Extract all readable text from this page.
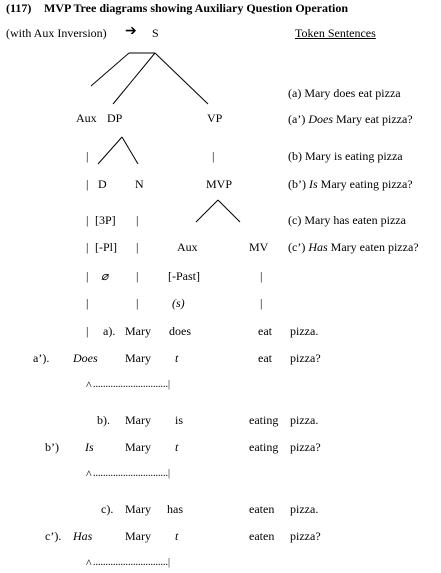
(117) MVP Tree diagrams showing Auxiliary Question Operation
(with Aux Inversion) ➔ S	Token Sentences
Aux DP	VP
|	|
| D N	MVP
| [3P] |
| [-Pl] |	Aux	MV
| ⌀ | [-Past]	|
|	|	(s)	|
(a) Mary does eat pizza
(a’) Does Mary eat pizza?
(b) Mary is eating pizza
(b’) Is Mary eating pizza?
(c) Mary has eaten pizza
(c’) Has Mary eaten pizza?
| a). Mary does	eat pizza.
a’). Does Mary t	eat pizza?
^ ..............................|
b). Mary is	eating pizza.
b’) Is	Mary t	eating pizza?
^ ..............................|
c). Mary has	eaten pizza.
c’). Has	Mary t	eaten pizza?
^ ..............................|
